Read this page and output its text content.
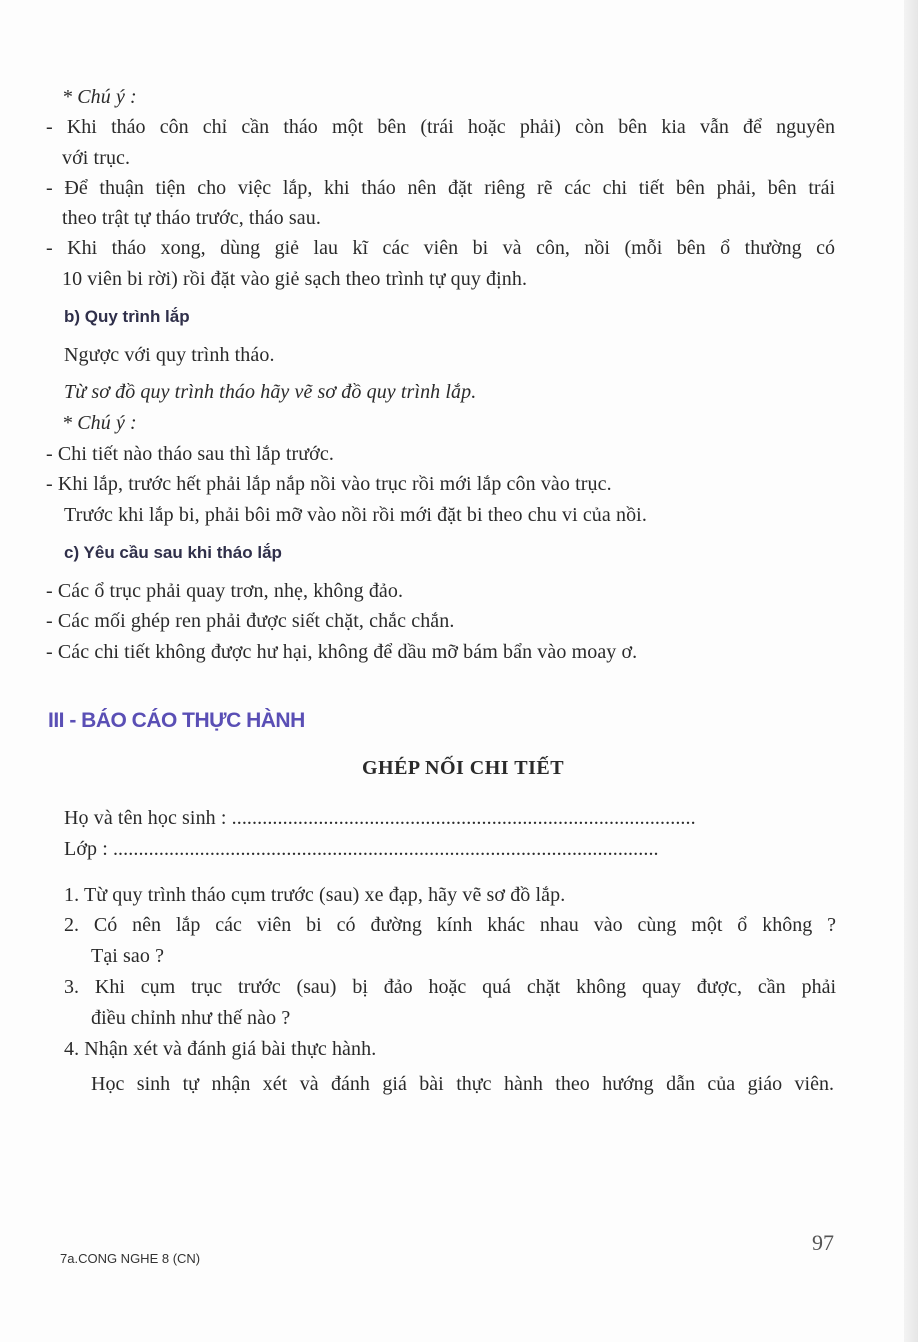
* Chú ý :
- Khi tháo côn chỉ cần tháo một bên (trái hoặc phải) còn bên kia vẫn để nguyên
với trục.
- Để thuận tiện cho việc lắp, khi tháo nên đặt riêng rẽ các chi tiết bên phải, bên trái
theo trật tự tháo trước, tháo sau.
- Khi tháo xong, dùng giẻ lau kĩ các viên bi và côn, nồi (mỗi bên ổ thường có
10 viên bi rời) rồi đặt vào giẻ sạch theo trình tự quy định.
b) Quy trình lắp
Ngược với quy trình tháo.
Từ sơ đồ quy trình tháo hãy vẽ sơ đồ quy trình lắp.
* Chú ý :
- Chi tiết nào tháo sau thì lắp trước.
- Khi lắp, trước hết phải lắp nắp nồi vào trục rồi mới lắp côn vào trục.
Trước khi lắp bi, phải bôi mỡ vào nồi rồi mới đặt bi theo chu vi của nồi.
c) Yêu cầu sau khi tháo lắp
- Các ổ trục phải quay trơn, nhẹ, không đảo.
- Các mối ghép ren phải được siết chặt, chắc chắn.
- Các chi tiết không được hư hại, không để dầu mỡ bám bẩn vào moay ơ.
III - BÁO CÁO THỰC HÀNH
GHÉP NỐI CHI TIẾT
Họ và tên học sinh : ...........................................................................................
Lớp : ...........................................................................................................
1. Từ quy trình tháo cụm trước (sau) xe đạp, hãy vẽ sơ đồ lắp.
2. Có nên lắp các viên bi có đường kính khác nhau vào cùng một ổ không ?
Tại sao ?
3. Khi cụm trục trước (sau) bị đảo hoặc quá chặt không quay được, cần phải
điều chỉnh như thế nào ?
4. Nhận xét và đánh giá bài thực hành.
Học sinh tự nhận xét và đánh giá bài thực hành theo hướng dẫn của giáo viên.
97
7a.CONG NGHE 8 (CN)
